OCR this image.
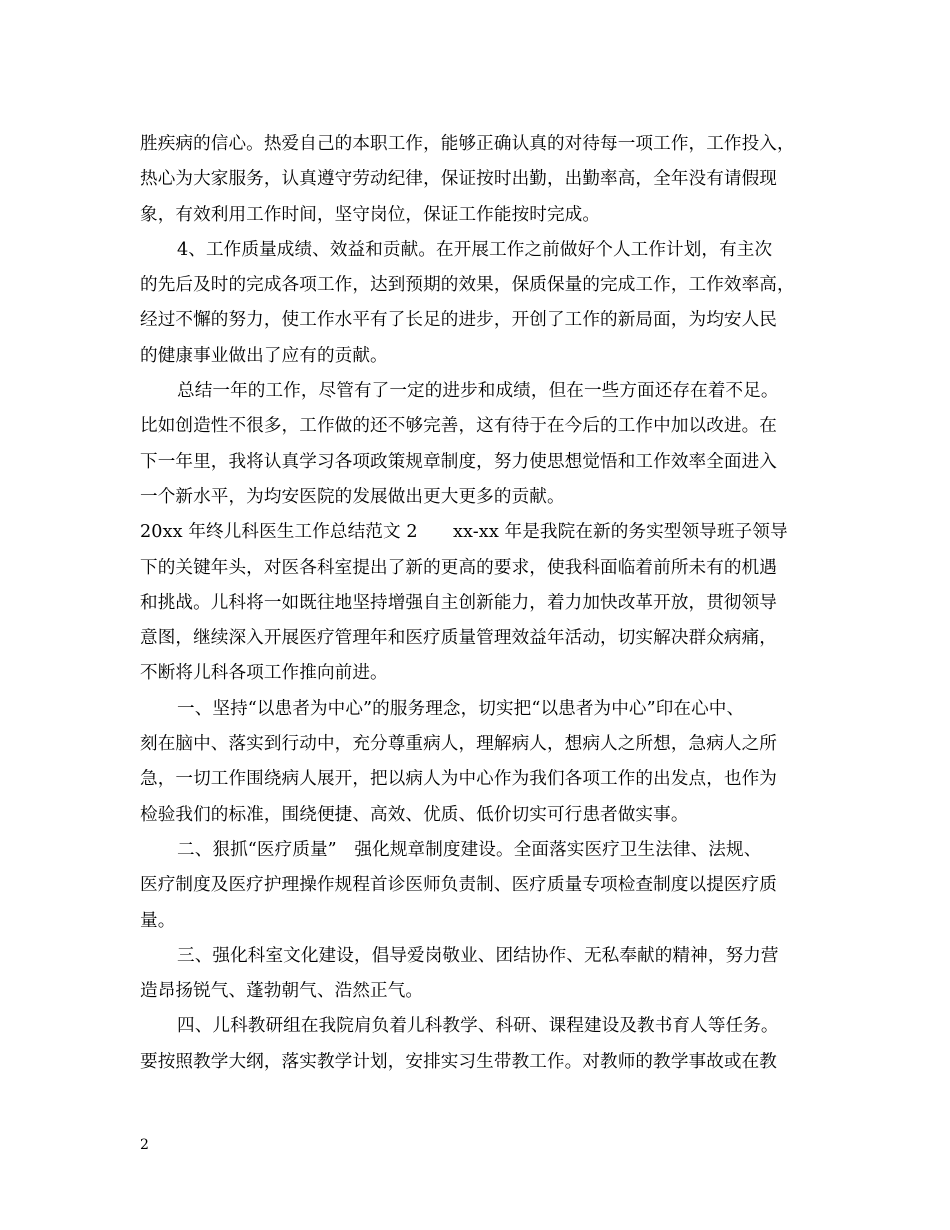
胜疾病的信心。热爱自己的本职工作，能够正确认真的对待每一项工作，工作投入，
热心为大家服务，认真遵守劳动纪律，保证按时出勤，出勤率高，全年没有请假现
象，有效利用工作时间，坚守岗位，保证工作能按时完成。
4、工作质量成绩、效益和贡献。在开展工作之前做好个人工作计划，有主次
的先后及时的完成各项工作，达到预期的效果，保质保量的完成工作，工作效率高，
经过不懈的努力，使工作水平有了长足的进步，开创了工作的新局面，为均安人民
的健康事业做出了应有的贡献。
总结一年的工作，尽管有了一定的进步和成绩，但在一些方面还存在着不足。
比如创造性不很多，工作做的还不够完善，这有待于在今后的工作中加以改进。在
下一年里，我将认真学习各项政策规章制度，努力使思想觉悟和工作效率全面进入
一个新水平，为均安医院的发展做出更大更多的贡献。
20xx 年终儿科医生工作总结范文 2　　xx-xx 年是我院在新的务实型领导班子领导
下的关键年头，对医各科室提出了新的更高的要求，使我科面临着前所未有的机遇
和挑战。儿科将一如既往地坚持增强自主创新能力，着力加快改革开放，贯彻领导
意图，继续深入开展医疗管理年和医疗质量管理效益年活动，切实解决群众病痛，
不断将儿科各项工作推向前进。
一、坚持“以患者为中心”的服务理念，切实把“以患者为中心”印在心中、
刻在脑中、落实到行动中，充分尊重病人，理解病人，想病人之所想，急病人之所
急，一切工作围绕病人展开，把以病人为中心作为我们各项工作的出发点，也作为
检验我们的标准，围绕便捷、高效、优质、低价切实可行患者做实事。
二、狠抓“医疗质量”　强化规章制度建设。全面落实医疗卫生法律、法规、
医疗制度及医疗护理操作规程首诊医师负责制、医疗质量专项检查制度以提医疗质
量。
三、强化科室文化建设，倡导爱岗敬业、团结协作、无私奉献的精神，努力营
造昂扬锐气、蓬勃朝气、浩然正气。
四、儿科教研组在我院肩负着儿科教学、科研、课程建设及教书育人等任务。
要按照教学大纲，落实教学计划，安排实习生带教工作。对教师的教学事故或在教
2
